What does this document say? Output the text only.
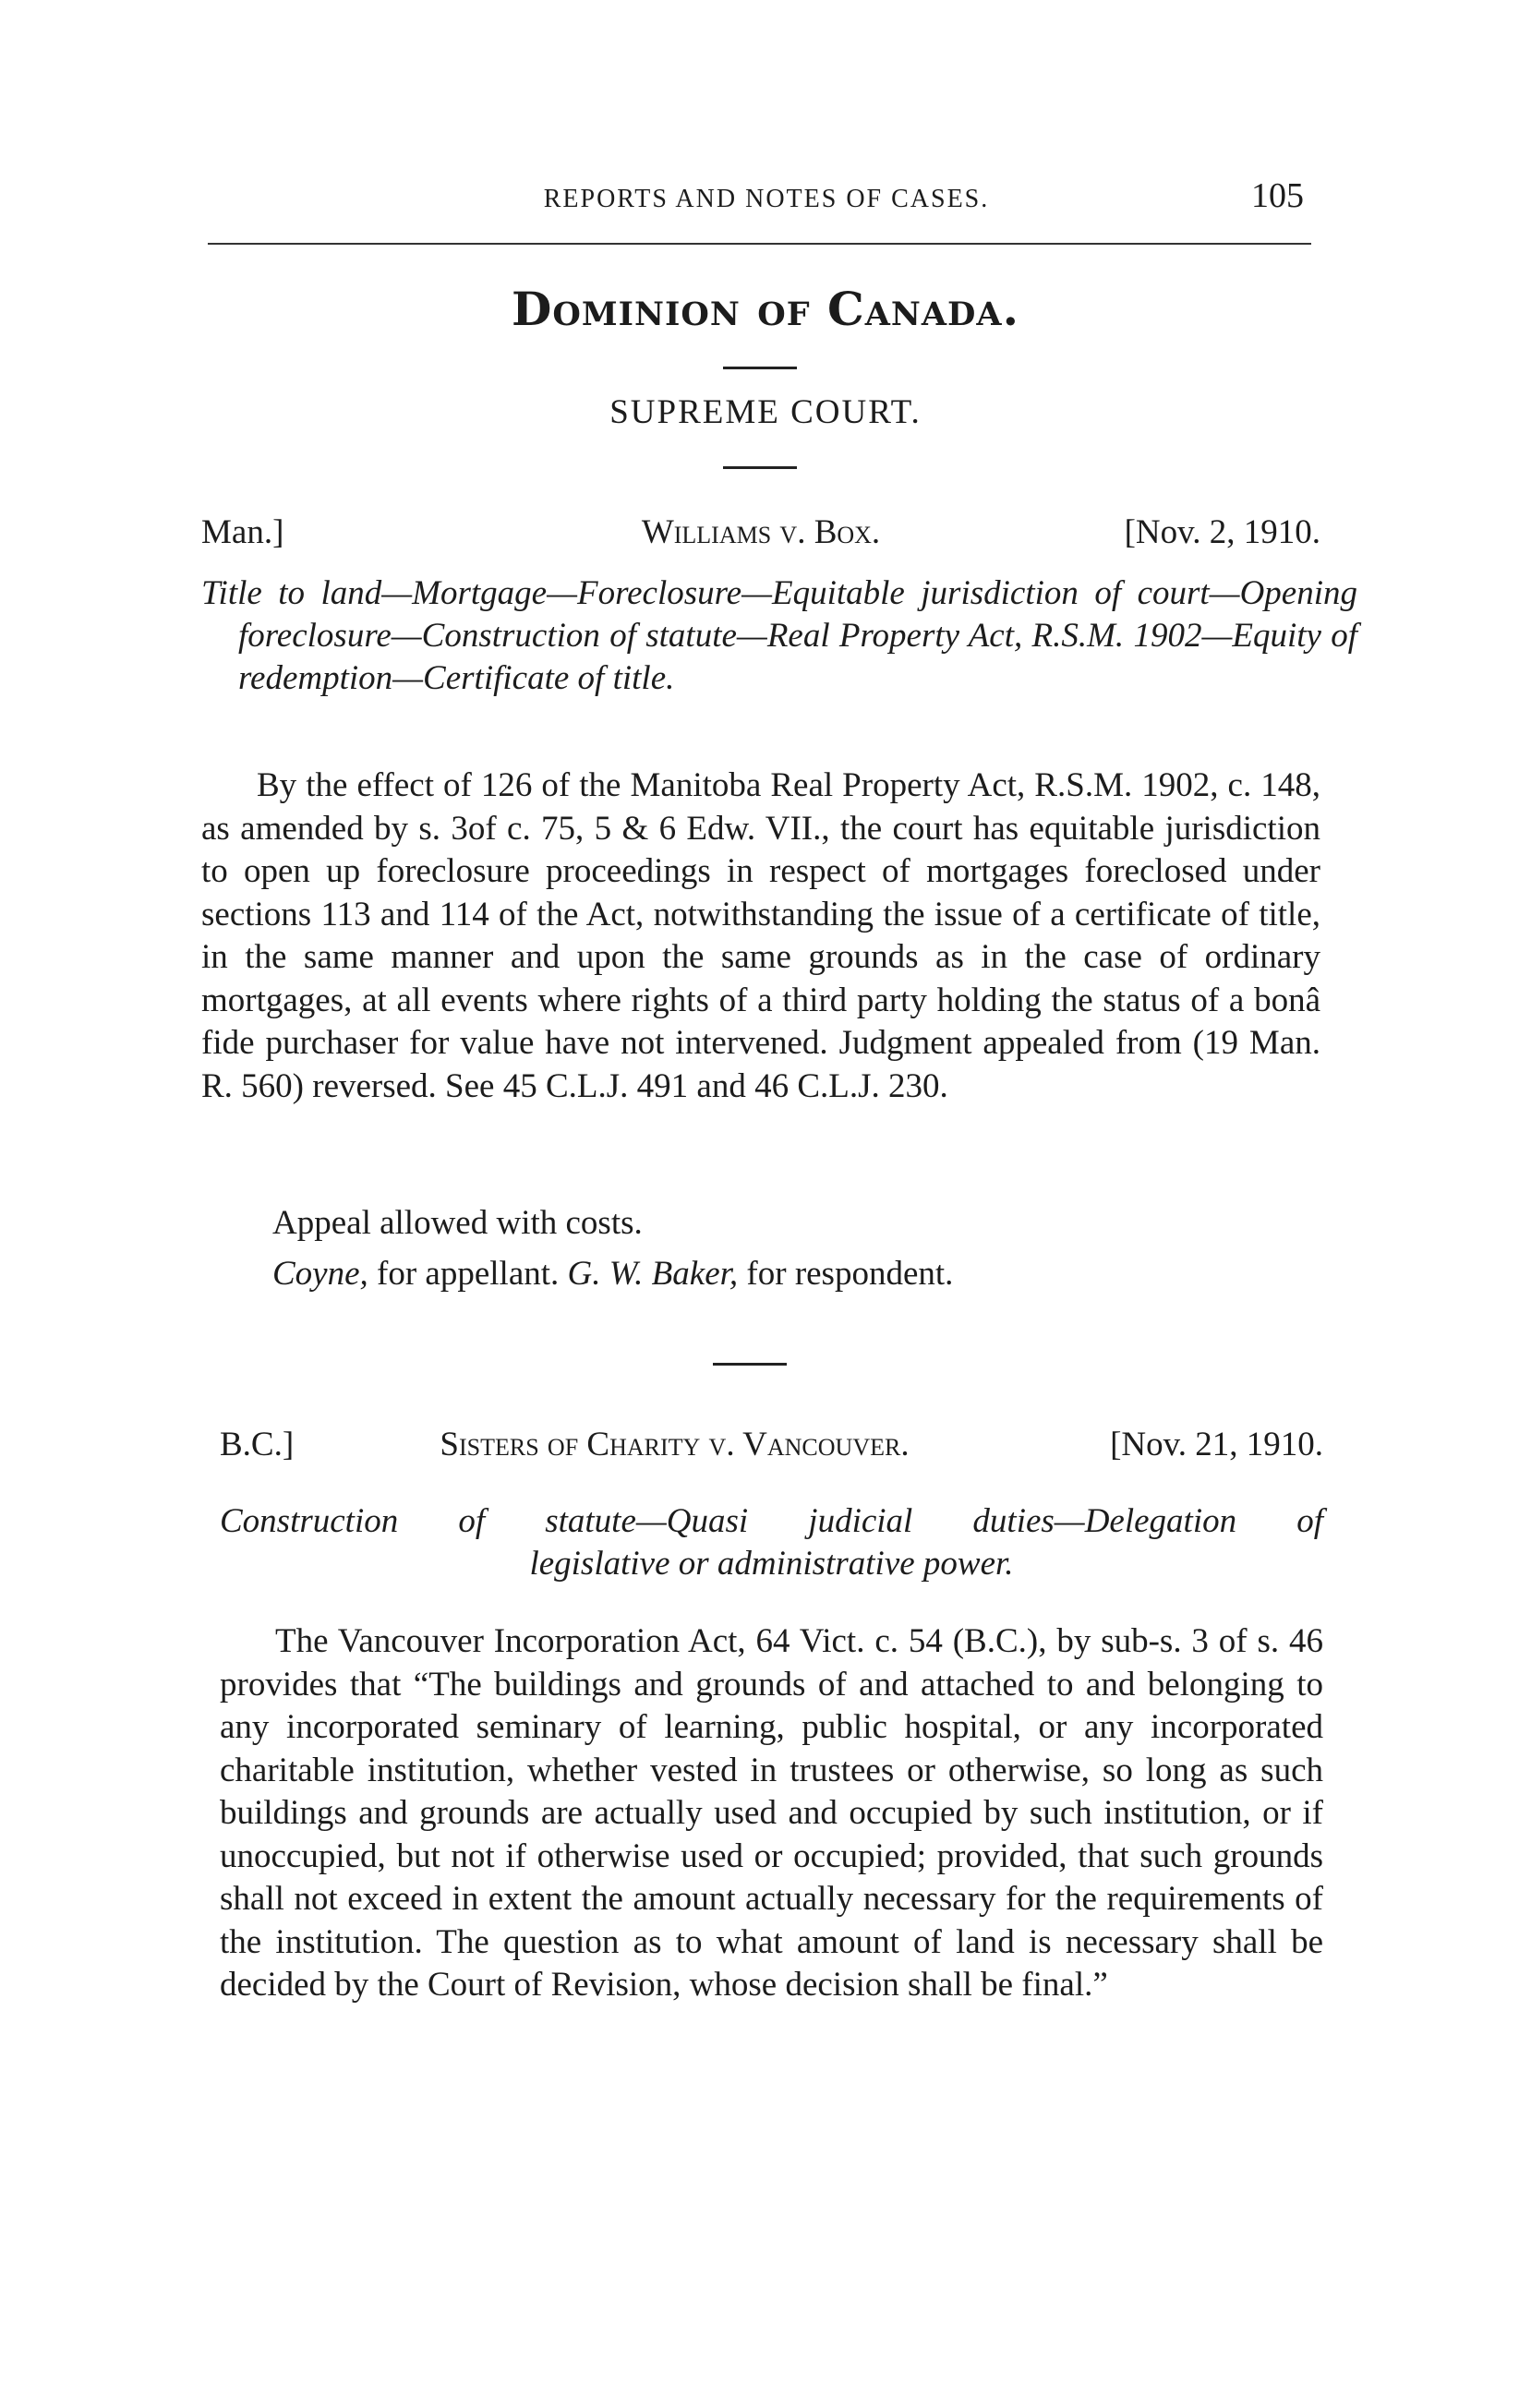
REPORTS AND NOTES OF CASES.	105
Dominion of Canada.
SUPREME COURT.
Man.]	Williams v. Box.	[Nov. 2, 1910.
Title to land—Mortgage—Foreclosure—Equitable jurisdiction of court—Opening foreclosure—Construction of statute—Real Property Act, R.S.M. 1902—Equity of redemption—Certificate of title.
By the effect of 126 of the Manitoba Real Property Act, R.S.M. 1902, c. 148, as amended by s. 3of c. 75, 5 & 6 Edw. VII., the court has equitable jurisdiction to open up foreclosure proceedings in respect of mortgages foreclosed under sections 113 and 114 of the Act, notwithstanding the issue of a certificate of title, in the same manner and upon the same grounds as in the case of ordinary mortgages, at all events where rights of a third party holding the status of a bonâ fide purchaser for value have not intervened. Judgment appealed from (19 Man. R. 560) reversed. See 45 C.L.J. 491 and 46 C.L.J. 230.
Appeal allowed with costs.
Coyne, for appellant. G. W. Baker, for respondent.
B.C.]	Sisters of Charity v. Vancouver.	[Nov. 21, 1910.
Construction of statute—Quasi judicial duties—Delegation of
legislative or administrative power.
The Vancouver Incorporation Act, 64 Vict. c. 54 (B.C.), by sub-s. 3 of s. 46 provides that “The buildings and grounds of and attached to and belonging to any incorporated seminary of learning, public hospital, or any incorporated charitable institution, whether vested in trustees or otherwise, so long as such buildings and grounds are actually used and occupied by such institution, or if unoccupied, but not if otherwise used or occupied; provided, that such grounds shall not exceed in extent the amount actually necessary for the requirements of the institution. The question as to what amount of land is necessary shall be decided by the Court of Revision, whose decision shall be final.”
